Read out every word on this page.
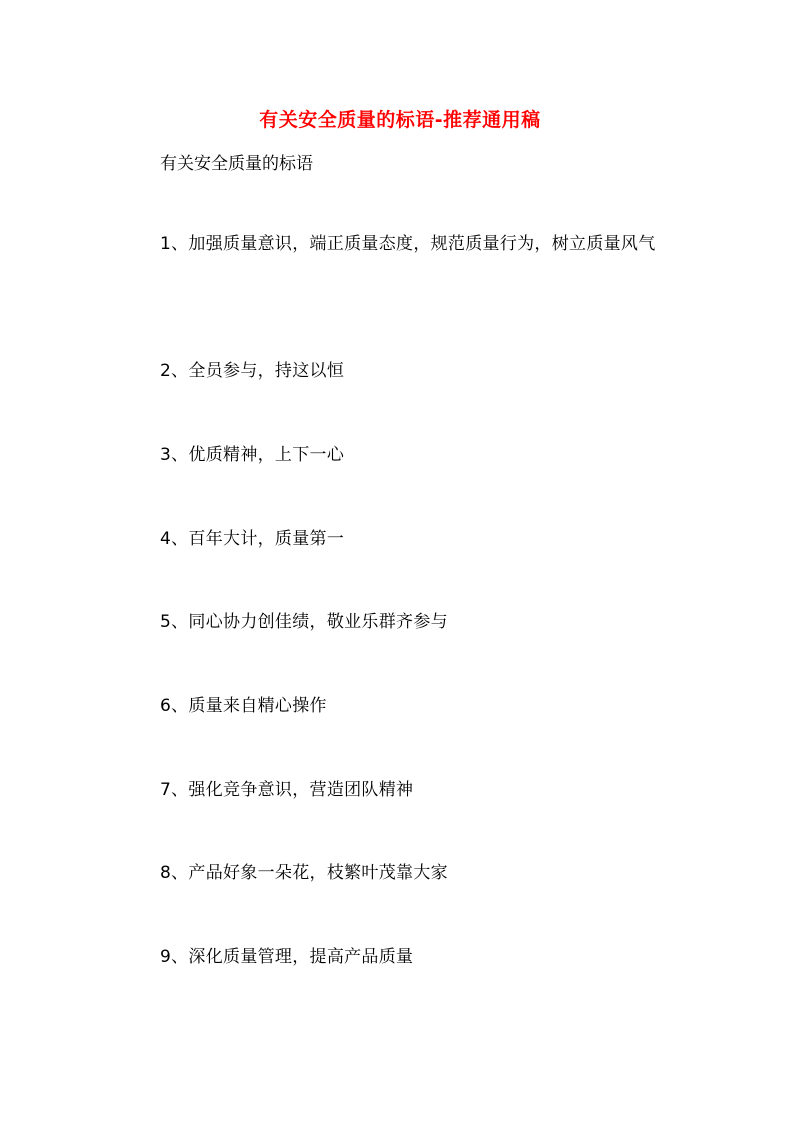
有关安全质量的标语-推荐通用稿
有关安全质量的标语
1、加强质量意识，端正质量态度，规范质量行为，树立质量风气
2、全员参与，持这以恒
3、优质精神，上下一心
4、百年大计，质量第一
5、同心协力创佳绩，敬业乐群齐参与
6、质量来自精心操作
7、强化竞争意识，营造团队精神
8、产品好象一朵花，枝繁叶茂靠大家
9、深化质量管理，提高产品质量
